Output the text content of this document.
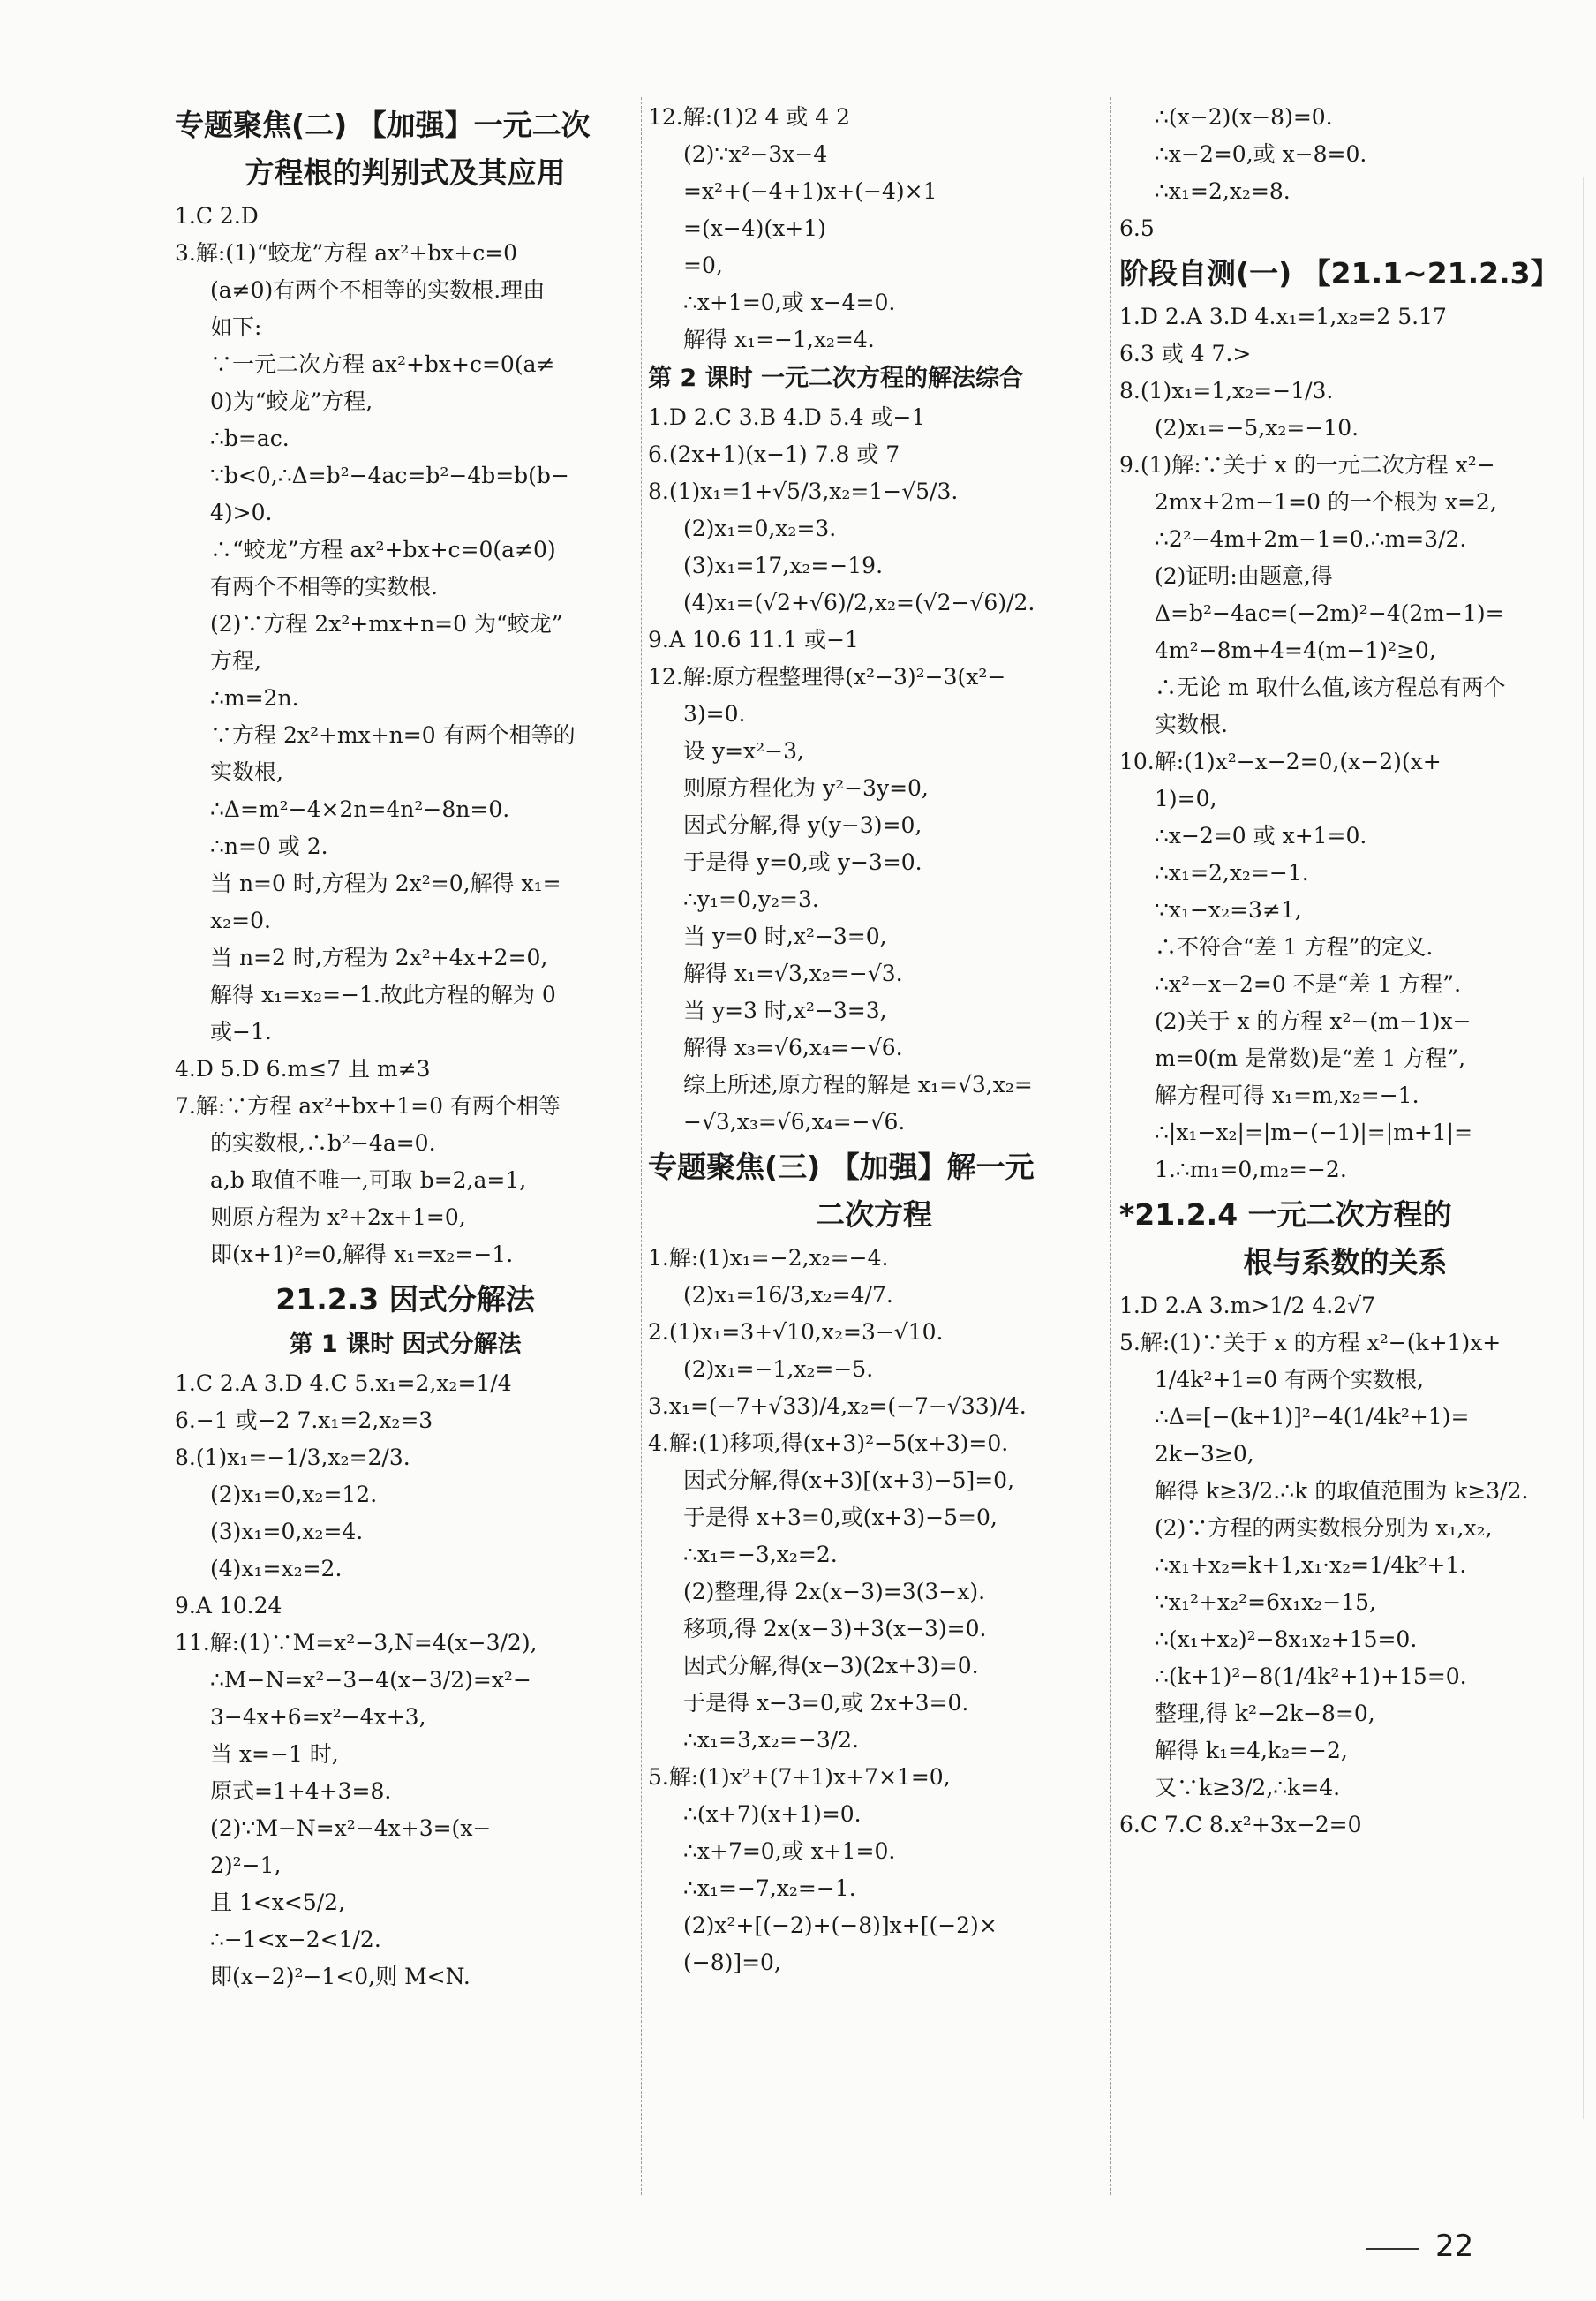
专题聚焦(二) 【加强】一元二次
方程根的判别式及其应用
1.C 2.D
3.解:(1)“蛟龙”方程 ax²+bx+c=0
(a≠0)有两个不相等的实数根.理由
如下:
∵一元二次方程 ax²+bx+c=0(a≠
0)为“蛟龙”方程,
∴b=ac.
∵b<0,∴Δ=b²−4ac=b²−4b=b(b−
4)>0.
∴“蛟龙”方程 ax²+bx+c=0(a≠0)
有两个不相等的实数根.
(2)∵方程 2x²+mx+n=0 为“蛟龙”
方程,
∴m=2n.
∵方程 2x²+mx+n=0 有两个相等的
实数根,
∴Δ=m²−4×2n=4n²−8n=0.
∴n=0 或 2.
当 n=0 时,方程为 2x²=0,解得 x₁=
x₂=0.
当 n=2 时,方程为 2x²+4x+2=0,
解得 x₁=x₂=−1.故此方程的解为 0
或−1.
4.D 5.D 6.m≤7 且 m≠3
7.解:∵方程 ax²+bx+1=0 有两个相等
的实数根,∴b²−4a=0.
a,b 取值不唯一,可取 b=2,a=1,
则原方程为 x²+2x+1=0,
即(x+1)²=0,解得 x₁=x₂=−1.
21.2.3 因式分解法
第 1 课时 因式分解法
1.C 2.A 3.D 4.C 5.x₁=2,x₂=1/4
6.−1 或−2 7.x₁=2,x₂=3
8.(1)x₁=−1/3,x₂=2/3.
(2)x₁=0,x₂=12.
(3)x₁=0,x₂=4.
(4)x₁=x₂=2.
9.A 10.24
11.解:(1)∵M=x²−3,N=4(x−3/2),
∴M−N=x²−3−4(x−3/2)=x²−
3−4x+6=x²−4x+3,
当 x=−1 时,
原式=1+4+3=8.
(2)∵M−N=x²−4x+3=(x−
2)²−1,
且 1<x<5/2,
∴−1<x−2<1/2.
即(x−2)²−1<0,则 M<N.
12.解:(1)2 4 或 4 2
(2)∵x²−3x−4
=x²+(−4+1)x+(−4)×1
=(x−4)(x+1)
=0,
∴x+1=0,或 x−4=0.
解得 x₁=−1,x₂=4.
第 2 课时 一元二次方程的解法综合
1.D 2.C 3.B 4.D 5.4 或−1
6.(2x+1)(x−1) 7.8 或 7
8.(1)x₁=1+√5/3,x₂=1−√5/3.
(2)x₁=0,x₂=3.
(3)x₁=17,x₂=−19.
(4)x₁=(√2+√6)/2,x₂=(√2−√6)/2.
9.A 10.6 11.1 或−1
12.解:原方程整理得(x²−3)²−3(x²−
3)=0.
设 y=x²−3,
则原方程化为 y²−3y=0,
因式分解,得 y(y−3)=0,
于是得 y=0,或 y−3=0.
∴y₁=0,y₂=3.
当 y=0 时,x²−3=0,
解得 x₁=√3,x₂=−√3.
当 y=3 时,x²−3=3,
解得 x₃=√6,x₄=−√6.
综上所述,原方程的解是 x₁=√3,x₂=
−√3,x₃=√6,x₄=−√6.
专题聚焦(三) 【加强】解一元
二次方程
1.解:(1)x₁=−2,x₂=−4.
(2)x₁=16/3,x₂=4/7.
2.(1)x₁=3+√10,x₂=3−√10.
(2)x₁=−1,x₂=−5.
3.x₁=(−7+√33)/4,x₂=(−7−√33)/4.
4.解:(1)移项,得(x+3)²−5(x+3)=0.
因式分解,得(x+3)[(x+3)−5]=0,
于是得 x+3=0,或(x+3)−5=0,
∴x₁=−3,x₂=2.
(2)整理,得 2x(x−3)=3(3−x).
移项,得 2x(x−3)+3(x−3)=0.
因式分解,得(x−3)(2x+3)=0.
于是得 x−3=0,或 2x+3=0.
∴x₁=3,x₂=−3/2.
5.解:(1)x²+(7+1)x+7×1=0,
∴(x+7)(x+1)=0.
∴x+7=0,或 x+1=0.
∴x₁=−7,x₂=−1.
(2)x²+[(−2)+(−8)]x+[(−2)×
(−8)]=0,
∴(x−2)(x−8)=0.
∴x−2=0,或 x−8=0.
∴x₁=2,x₂=8.
6.5
阶段自测(一) 【21.1~21.2.3】
1.D 2.A 3.D 4.x₁=1,x₂=2 5.17
6.3 或 4 7.>
8.(1)x₁=1,x₂=−1/3.
(2)x₁=−5,x₂=−10.
9.(1)解:∵关于 x 的一元二次方程 x²−
2mx+2m−1=0 的一个根为 x=2,
∴2²−4m+2m−1=0.∴m=3/2.
(2)证明:由题意,得
Δ=b²−4ac=(−2m)²−4(2m−1)=
4m²−8m+4=4(m−1)²≥0,
∴无论 m 取什么值,该方程总有两个
实数根.
10.解:(1)x²−x−2=0,(x−2)(x+
1)=0,
∴x−2=0 或 x+1=0.
∴x₁=2,x₂=−1.
∵x₁−x₂=3≠1,
∴不符合“差 1 方程”的定义.
∴x²−x−2=0 不是“差 1 方程”.
(2)关于 x 的方程 x²−(m−1)x−
m=0(m 是常数)是“差 1 方程”,
解方程可得 x₁=m,x₂=−1.
∴|x₁−x₂|=|m−(−1)|=|m+1|=
1.∴m₁=0,m₂=−2.
*21.2.4 一元二次方程的
根与系数的关系
1.D 2.A 3.m>1/2 4.2√7
5.解:(1)∵关于 x 的方程 x²−(k+1)x+
1/4k²+1=0 有两个实数根,
∴Δ=[−(k+1)]²−4(1/4k²+1)=
2k−3≥0,
解得 k≥3/2.∴k 的取值范围为 k≥3/2.
(2)∵方程的两实数根分别为 x₁,x₂,
∴x₁+x₂=k+1,x₁·x₂=1/4k²+1.
∵x₁²+x₂²=6x₁x₂−15,
∴(x₁+x₂)²−8x₁x₂+15=0.
∴(k+1)²−8(1/4k²+1)+15=0.
整理,得 k²−2k−8=0,
解得 k₁=4,k₂=−2,
又∵k≥3/2,∴k=4.
6.C 7.C 8.x²+3x−2=0
22
